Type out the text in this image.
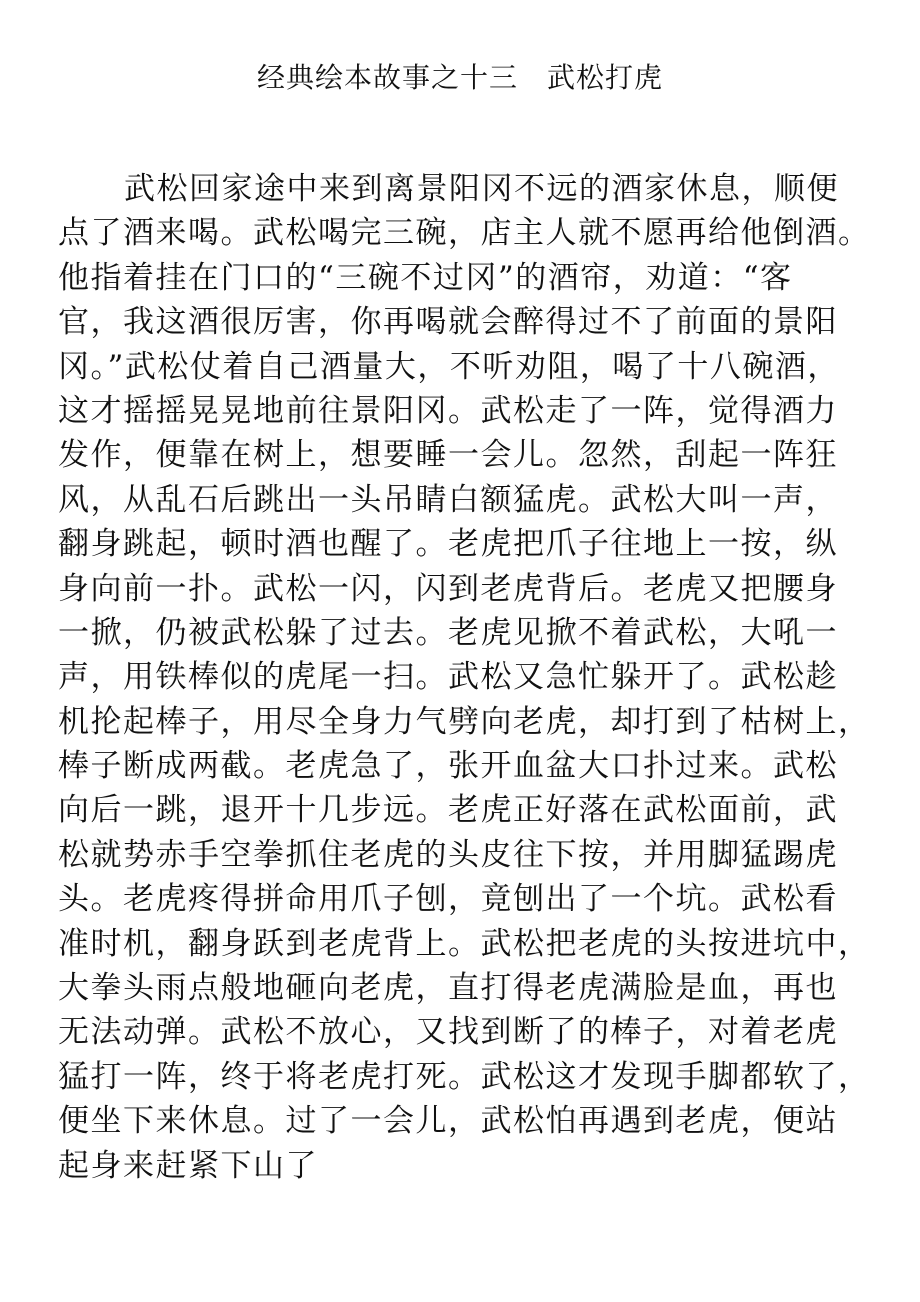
经典绘本故事之十三　武松打虎
武松回家途中来到离景阳冈不远的酒家休息，顺便
点了酒来喝。武松喝完三碗，店主人就不愿再给他倒酒。
他指着挂在门口的“三碗不过冈”的酒帘，劝道：“客
官，我这酒很厉害，你再喝就会醉得过不了前面的景阳
冈。”武松仗着自己酒量大，不听劝阻，喝了十八碗酒，
这才摇摇晃晃地前往景阳冈。武松走了一阵，觉得酒力
发作，便靠在树上，想要睡一会儿。忽然，刮起一阵狂
风，从乱石后跳出一头吊睛白额猛虎。武松大叫一声，
翻身跳起，顿时酒也醒了。老虎把爪子往地上一按，纵
身向前一扑。武松一闪，闪到老虎背后。老虎又把腰身
一掀，仍被武松躲了过去。老虎见掀不着武松，大吼一
声，用铁棒似的虎尾一扫。武松又急忙躲开了。武松趁
机抡起棒子，用尽全身力气劈向老虎，却打到了枯树上，
棒子断成两截。老虎急了，张开血盆大口扑过来。武松
向后一跳，退开十几步远。老虎正好落在武松面前，武
松就势赤手空拳抓住老虎的头皮往下按，并用脚猛踢虎
头。老虎疼得拼命用爪子刨，竟刨出了一个坑。武松看
准时机，翻身跃到老虎背上。武松把老虎的头按进坑中，
大拳头雨点般地砸向老虎，直打得老虎满脸是血，再也
无法动弹。武松不放心，又找到断了的棒子，对着老虎
猛打一阵，终于将老虎打死。武松这才发现手脚都软了，
便坐下来休息。过了一会儿，武松怕再遇到老虎，便站
起身来赶紧下山了
